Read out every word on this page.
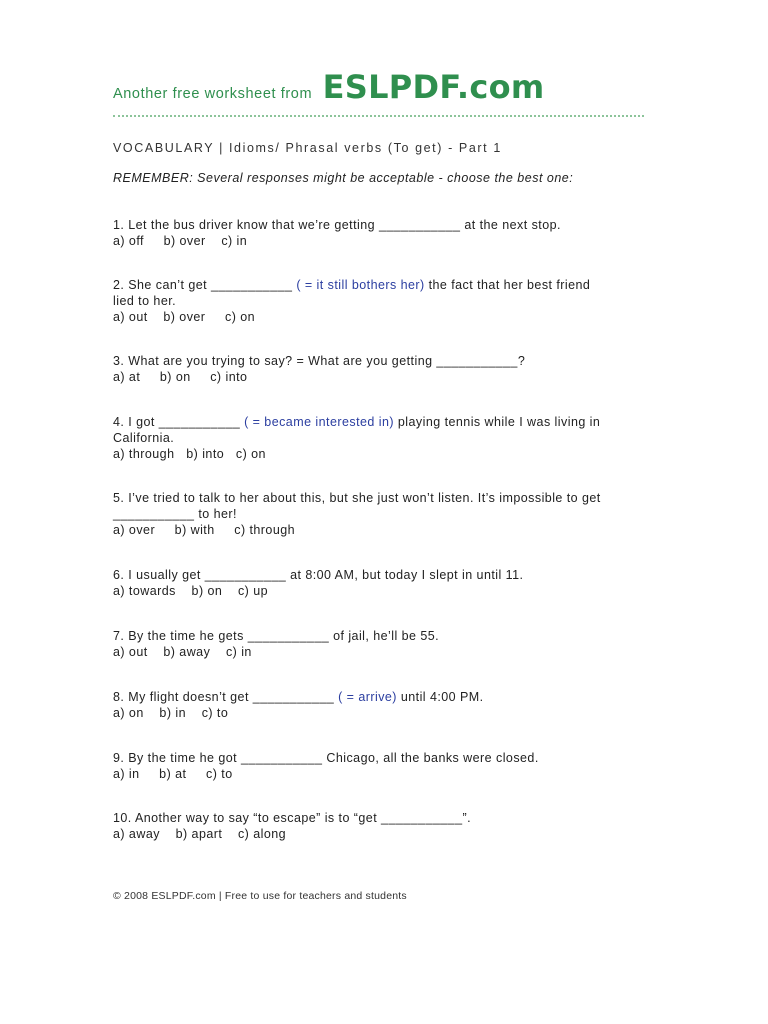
Another free worksheet from ESLPDF.com
VOCABULARY | Idioms/ Phrasal verbs (To get) - Part 1
REMEMBER: Several responses might be acceptable - choose the best one:
1. Let the bus driver know that we’re getting ___________ at the next stop.
a) off     b) over    c) in
2. She can’t get ___________ ( = it still bothers her) the fact that her best friend
lied to her.
a) out    b) over     c) on
3. What are you trying to say? = What are you getting ___________?
a) at     b) on     c) into
4. I got ___________ ( = became interested in) playing tennis while I was living in
California.
a) through   b) into   c) on
5. I’ve tried to talk to her about this, but she just won’t listen. It’s impossible to get
___________ to her!
a) over     b) with     c) through
6. I usually get ___________ at 8:00 AM, but today I slept in until 11.
a) towards    b) on    c) up
7. By the time he gets ___________ of jail, he’ll be 55.
a) out    b) away    c) in
8. My flight doesn’t get ___________ ( = arrive) until 4:00 PM.
a) on    b) in    c) to
9. By the time he got ___________ Chicago, all the banks were closed.
a) in     b) at     c) to
10. Another way to say “to escape” is to “get ___________”.
a) away    b) apart    c) along
© 2008 ESLPDF.com | Free to use for teachers and students
